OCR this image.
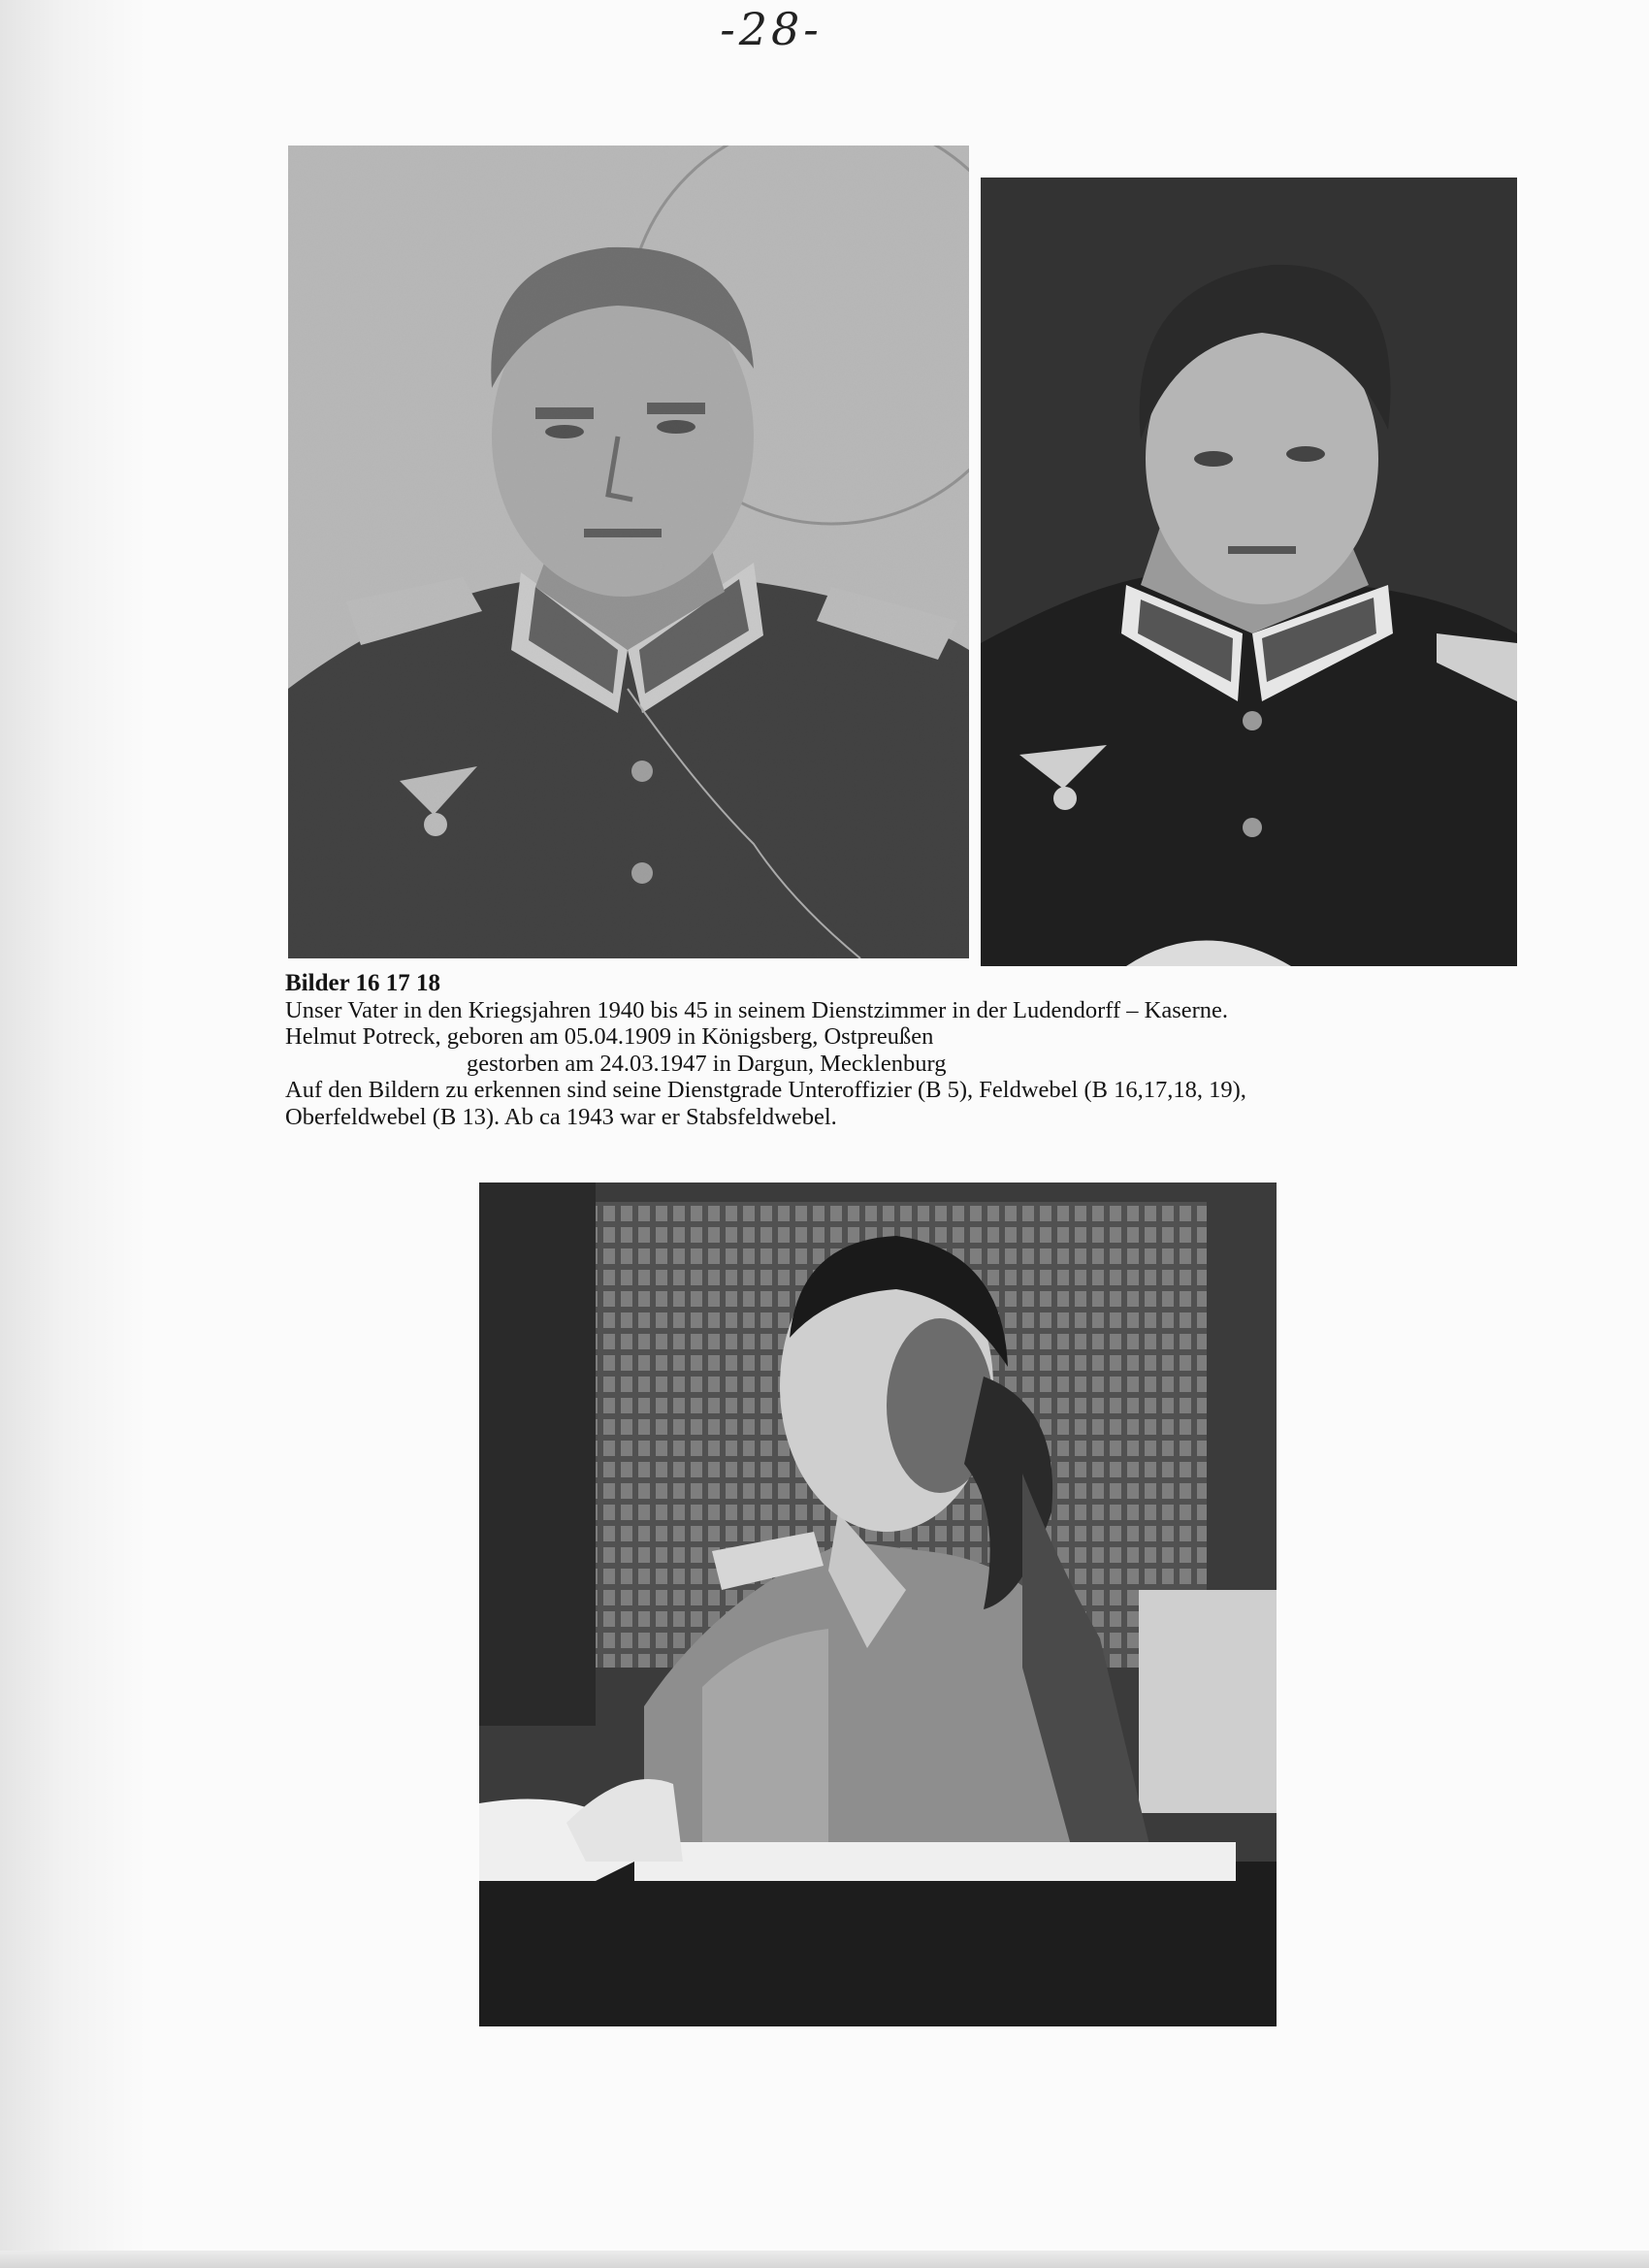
-28-
Bilder 16 17 18
Unser Vater in den Kriegsjahren 1940 bis 45 in seinem Dienstzimmer in der Ludendorff – Kaserne.
Helmut Potreck, geboren am 05.04.1909 in Königsberg, Ostpreußen
gestorben am 24.03.1947 in Dargun, Mecklenburg
Auf den Bildern zu erkennen sind seine Dienstgrade Unteroffizier (B 5), Feldwebel (B 16,17,18, 19),
Oberfeldwebel (B 13). Ab ca 1943 war er Stabsfeldwebel.
